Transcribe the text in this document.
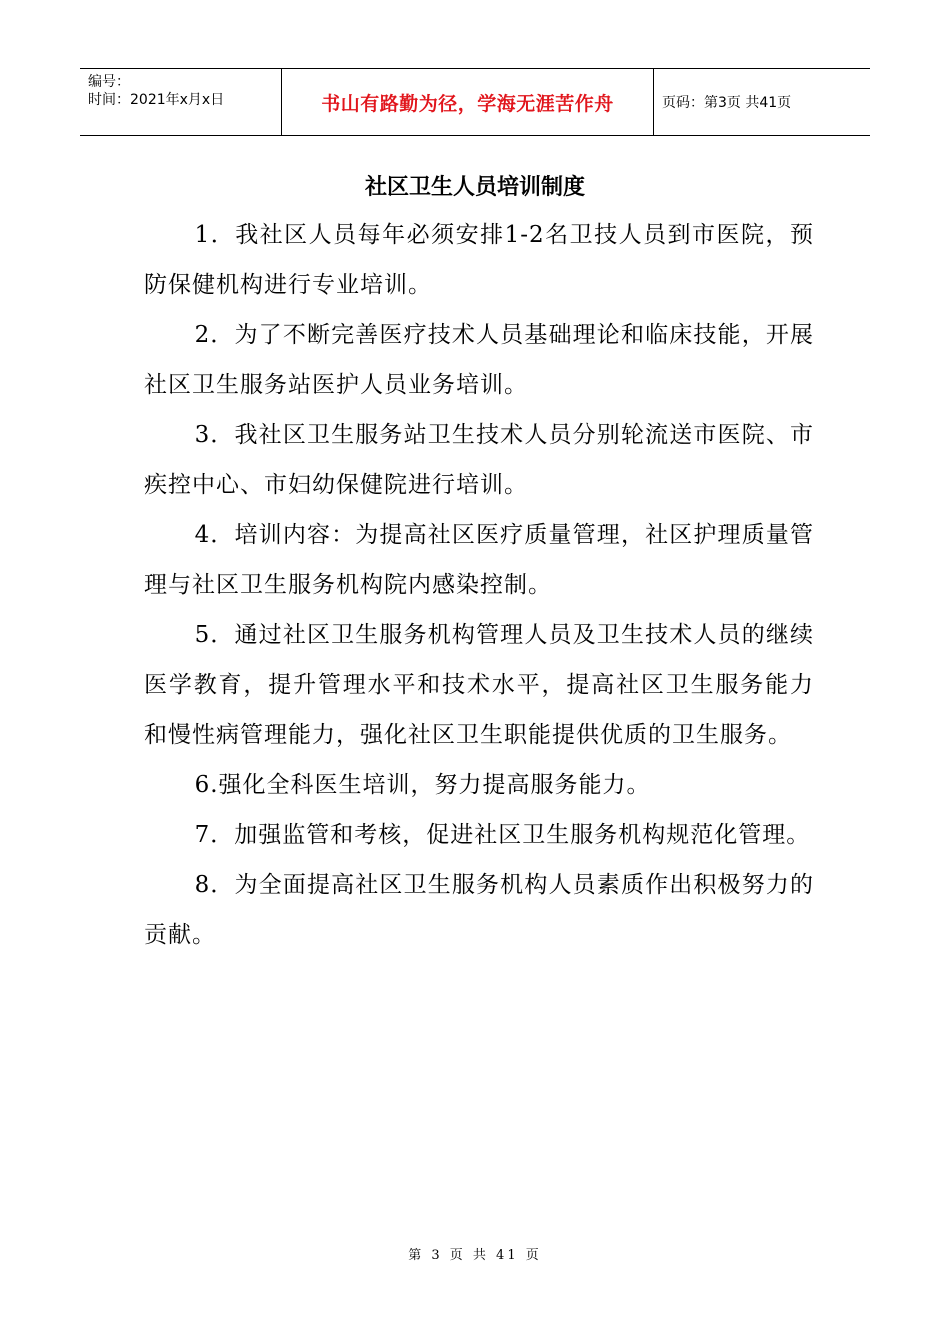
编号：
时间：2021年x月x日	书山有路勤为径，学海无涯苦作舟	页码：第3页 共41页
社区卫生人员培训制度

1．我社区人员每年必须安排1-2名卫技人员到市医院，预防保健机构进行专业培训。

2．为了不断完善医疗技术人员基础理论和临床技能，开展社区卫生服务站医护人员业务培训。

3．我社区卫生服务站卫生技术人员分别轮流送市医院、市疾控中心、市妇幼保健院进行培训。

4．培训内容：为提高社区医疗质量管理，社区护理质量管理与社区卫生服务机构院内感染控制。

5．通过社区卫生服务机构管理人员及卫生技术人员的继续医学教育，提升管理水平和技术水平，提高社区卫生服务能力和慢性病管理能力，强化社区卫生职能提供优质的卫生服务。

6.强化全科医生培训，努力提高服务能力。

7．加强监管和考核，促进社区卫生服务机构规范化管理。

8．为全面提高社区卫生服务机构人员素质作出积极努力的贡献。

第 3 页 共 41 页
